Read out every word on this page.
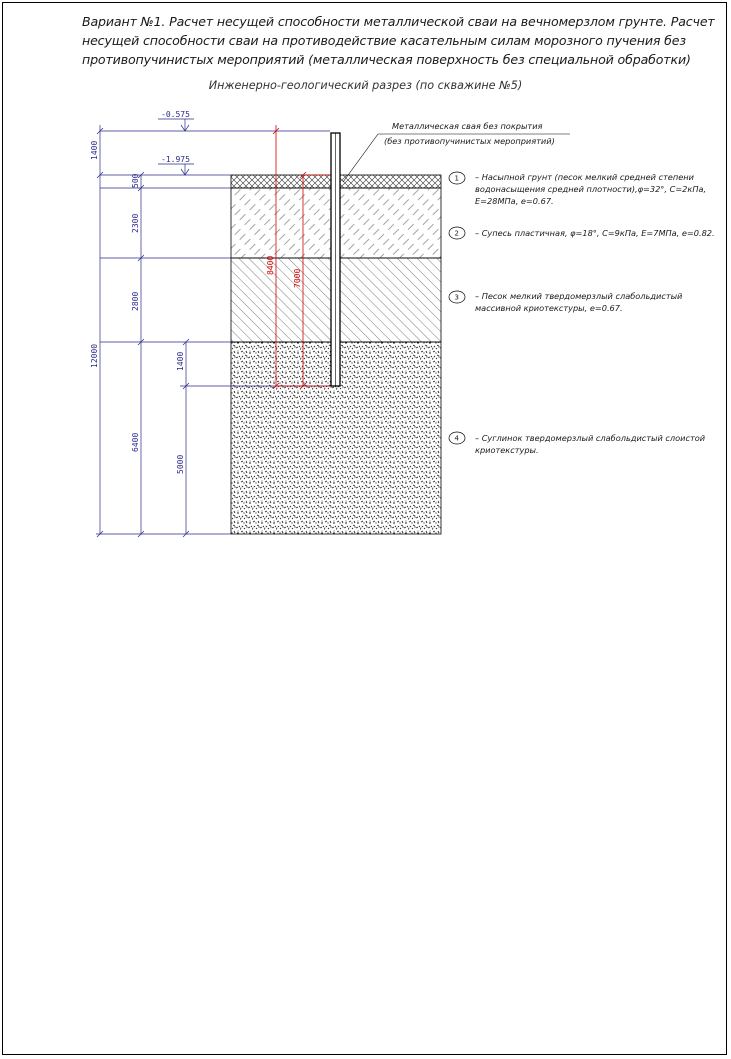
Вариант №1. Расчет несущей способности металлической сваи на вечномерзлом грунте. Расчет несущей способности сваи на противодействие касательным силам морозного пучения без противопучинистых мероприятий (металлическая поверхность без специальной обработки)

Инженерно-геологический разрез (по скважине №5)
Металлическая свая без покрытия
(без противопучинистых мероприятий)
-0.575
-1.975
1400
500
2300
2800
12000	1400
6400
5000
8400
7000
1 – Насыпной грунт (песок мелкий средней степени
водонасыщения средней плотности),φ=32°, С=2кПа,
Е=28МПа, е=0.67.
2 – Супесь пластичная, φ=18°, С=9кПа, Е=7МПа, е=0.82.
3 – Песок мелкий твердомерзлый слабольдистый
массивной криотекстуры, е=0.67.
4 – Суглинок твердомерзлый слабольдистый слоистой
криотекстуры.
